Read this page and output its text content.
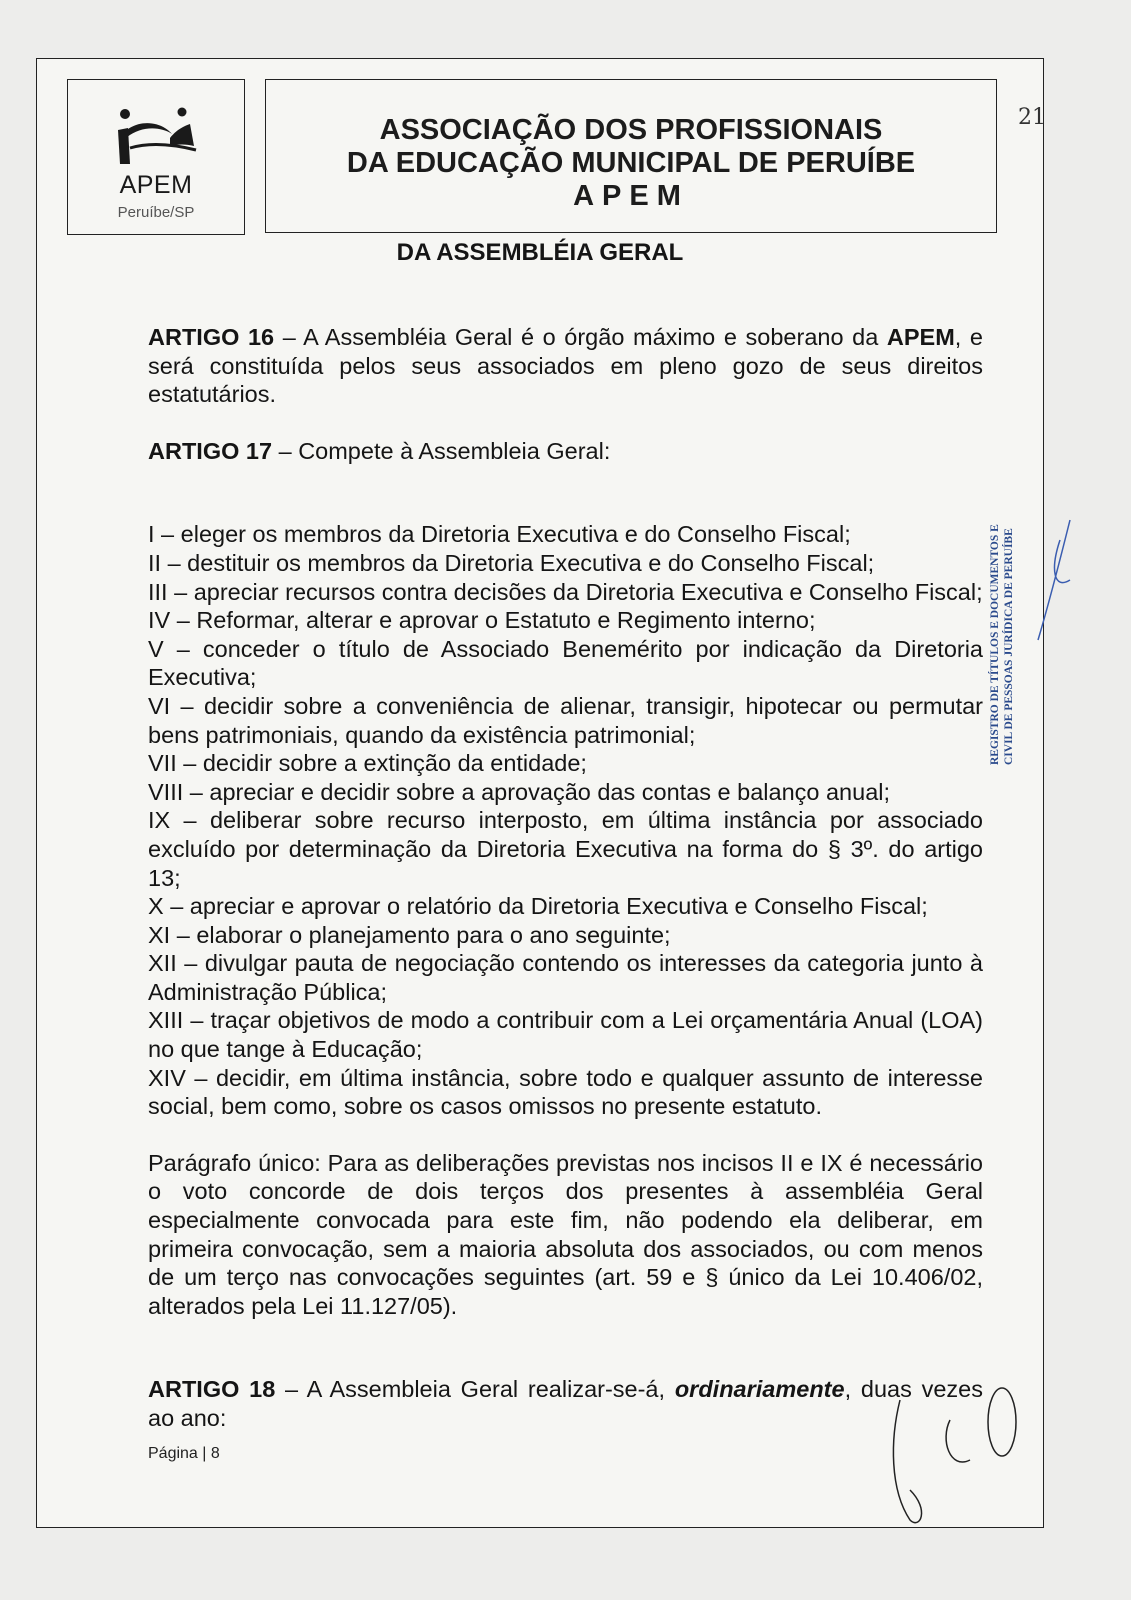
APEM
Peruíbe/SP
ASSOCIAÇÃO DOS PROFISSIONAIS
DA EDUCAÇÃO MUNICIPAL DE PERUÍBE
APEM
DA ASSEMBLÉIA GERAL

ARTIGO 16 – A Assembléia Geral é o órgão máximo e soberano da APEM, e será constituída pelos seus associados em pleno gozo de seus direitos estatutários.

ARTIGO 17 – Compete à Assembleia Geral:

I – eleger os membros da Diretoria Executiva e do Conselho Fiscal;

II – destituir os membros da Diretoria Executiva e do Conselho Fiscal;

III – apreciar recursos contra decisões da Diretoria Executiva e Conselho Fiscal;

IV – Reformar, alterar e aprovar o Estatuto e Regimento interno;

V – conceder o título de Associado Benemérito por indicação da Diretoria Executiva;

VI – decidir sobre a conveniência de alienar, transigir, hipotecar ou permutar bens patrimoniais, quando da existência patrimonial;

VII – decidir sobre a extinção da entidade;

VIII – apreciar e decidir sobre a aprovação das contas e balanço anual;

IX – deliberar sobre recurso interposto, em última instância por associado excluído por determinação da Diretoria Executiva na forma do § 3º. do artigo 13;

X – apreciar e aprovar o relatório da Diretoria Executiva e Conselho Fiscal;

XI – elaborar o planejamento para o ano seguinte;

XII – divulgar pauta de negociação contendo os interesses da categoria junto à Administração Pública;

XIII – traçar objetivos de modo a contribuir com a Lei orçamentária Anual (LOA) no que tange à Educação;

XIV – decidir, em última instância, sobre todo e qualquer assunto de interesse social, bem como, sobre os casos omissos no presente estatuto.

Parágrafo único: Para as deliberações previstas nos incisos II e IX é necessário o voto concorde de dois terços dos presentes à assembléia Geral especialmente convocada para este fim, não podendo ela deliberar, em primeira convocação, sem a maioria absoluta dos associados, ou com menos de um terço nas convocações seguintes (art. 59 e § único da Lei 10.406/02, alterados pela Lei 11.127/05).

ARTIGO 18 – A Assembleia Geral realizar-se-á, ordinariamente, duas vezes ao ano:

Página | 8
REGISTRO DE TÍTULOS E DOCUMENTOS E CIVIL DE PESSOAS JURÍDICA DE PERUÍBE
21
